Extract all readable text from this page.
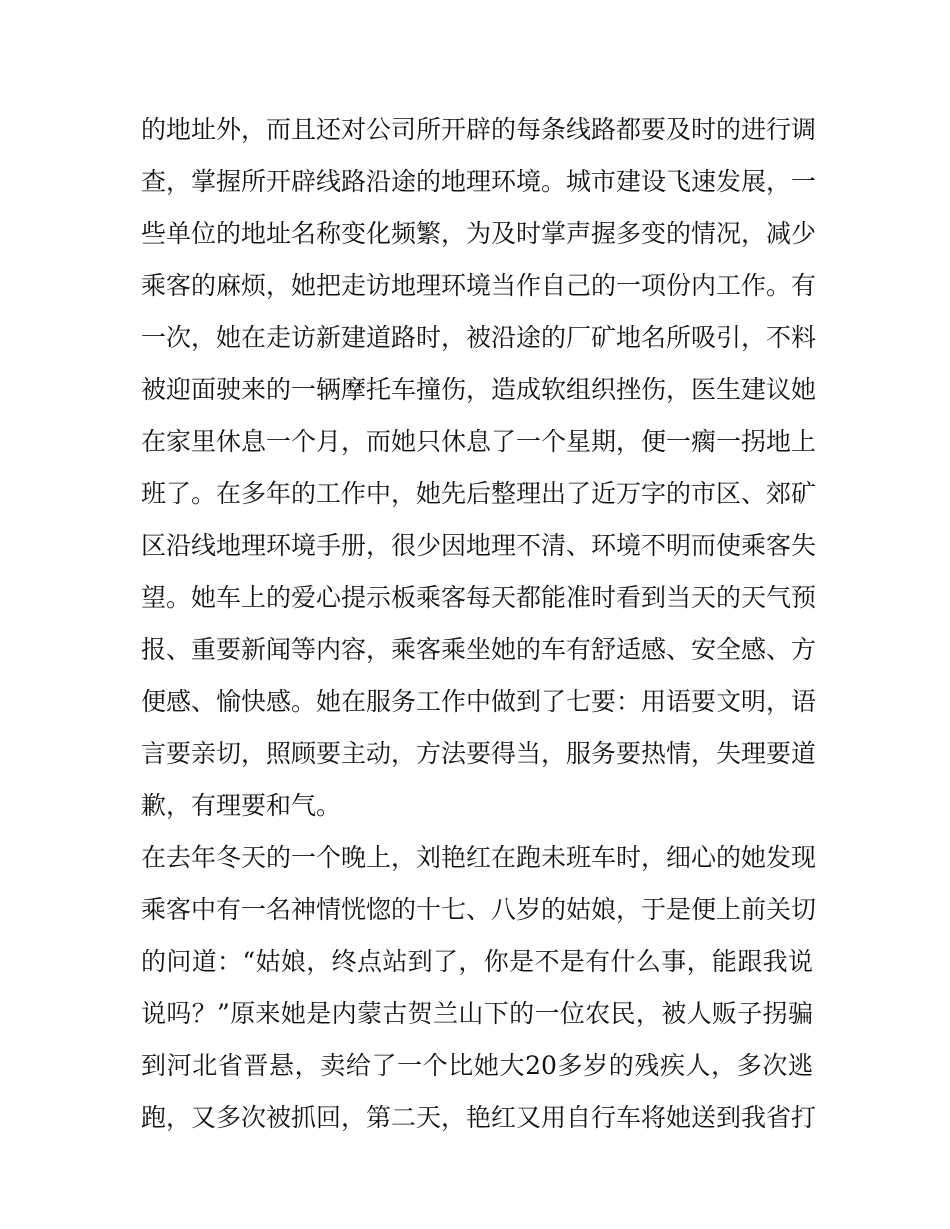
的地址外，而且还对公司所开辟的每条线路都要及时的进行调
查，掌握所开辟线路沿途的地理环境。城市建设飞速发展，一
些单位的地址名称变化频繁，为及时掌声握多变的情况，减少
乘客的麻烦，她把走访地理环境当作自己的一项份内工作。有
一次，她在走访新建道路时，被沿途的厂矿地名所吸引，不料
被迎面驶来的一辆摩托车撞伤，造成软组织挫伤，医生建议她
在家里休息一个月，而她只休息了一个星期，便一瘸一拐地上
班了。在多年的工作中，她先后整理出了近万字的市区、郊矿
区沿线地理环境手册，很少因地理不清、环境不明而使乘客失
望。她车上的爱心提示板乘客每天都能准时看到当天的天气预
报、重要新闻等内容，乘客乘坐她的车有舒适感、安全感、方
便感、愉快感。她在服务工作中做到了七要：用语要文明，语
言要亲切，照顾要主动，方法要得当，服务要热情，失理要道
歉，有理要和气。
在去年冬天的一个晚上，刘艳红在跑未班车时，细心的她发现
乘客中有一名神情恍惚的十七、八岁的姑娘，于是便上前关切
的问道：“姑娘，终点站到了，你是不是有什么事，能跟我说
说吗？”原来她是内蒙古贺兰山下的一位农民，被人贩子拐骗
到河北省晋悬，卖给了一个比她大20多岁的残疾人，多次逃
跑，又多次被抓回，第二天，艳红又用自行车将她送到我省打
